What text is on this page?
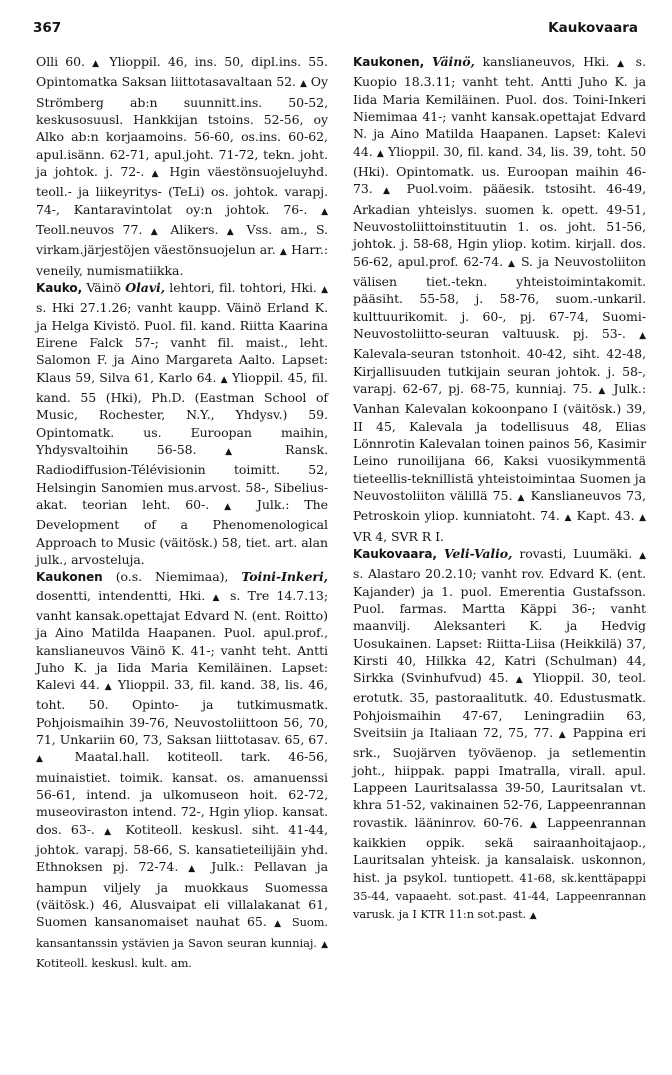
367	Kaukovaara

Olli 60. ▲ Ylioppil. 46, ins. 50, dipl.ins. 55. Opintomatka Saksan liittotasavaltaan 52. ▲ Oy Strömberg ab:n suunnitt.ins. 50-52, keskusosuusl. Hankkijan tstoins. 52-56, oy Alko ab:n korjaamoins. 56-60, os.ins. 60-62, apul.isänn. 62-71, apul.joht. 71-72, tekn. joht. ja johtok. j. 72-. ▲ Hgin väestönsuojeluyhd. teoll.- ja liikeyritys- (TeLi) os. johtok. varapj. 74-, Kantaravintolat oy:n johtok. 76-. ▲ Teoll.neuvos 77. ▲ Alikers. ▲ Vss. am., S. virkam.järjestöjen väestönsuojelun ar. ▲ Harr.: veneily, numismatiikka.

Kauko, Väinö Olavi, lehtori, fil. tohtori, Hki. ▲ s. Hki 27.1.26; vanht kaupp. Väinö Erland K. ja Helga Kivistö. Puol. fil. kand. Riitta Kaarina Eirene Falck 57-; vanht fil. maist., leht. Salomon F. ja Aino Margareta Aalto. Lapset: Klaus 59, Silva 61, Karlo 64. ▲ Ylioppil. 45, fil. kand. 55 (Hki), Ph.D. (Eastman School of Music, Rochester, N.Y., Yhdysv.) 59. Opintomatk. us. Euroopan maihin, Yhdysvaltoihin 56-58. ▲ Ransk. Radiodiffusion-Télévisionin toimitt. 52, Helsingin Sanomien mus.arvost. 58-, Sibelius-akat. teorian leht. 60-. ▲ Julk.: The Development of a Phenomenological Approach to Music (väitösk.) 58, tiet. art. alan julk., arvosteluja.

Kaukonen (o.s. Niemimaa), Toini-Inkeri, dosentti, intendentti, Hki. ▲ s. Tre 14.7.13; vanht kansak.opettajat Edvard N. (ent. Roitto) ja Aino Matilda Haapanen. Puol. apul.prof., kanslianeuvos Väinö K. 41-; vanht teht. Antti Juho K. ja Iida Maria Kemiläinen. Lapset: Kalevi 44. ▲ Ylioppil. 33, fil. kand. 38, lis. 46, toht. 50. Opinto- ja tutkimusmatk. Pohjoismaihin 39-76, Neuvostoliittoon 56, 70, 71, Unkariin 60, 73, Saksan liittotasav. 65, 67. ▲ Maatal.hall. kotiteoll. tark. 46-56, muinaistiet. toimik. kansat. os. amanuenssi 56-61, intend. ja ulkomuseon hoit. 62-72, museoviraston intend. 72-, Hgin yliop. kansat. dos. 63-. ▲ Kotiteoll. keskusl. siht. 41-44, johtok. varapj. 58-66, S. kansatieteilijäin yhd. Ethnoksen pj. 72-74. ▲ Julk.: Pellavan ja hampun viljely ja muokkaus Suomessa (väitösk.) 46, Alusvaipat eli villalakanat 61, Suomen kansanomaiset nauhat 65. ▲ Suom. kansantanssin ystävien ja Savon seuran kunniaj. ▲ Kotiteoll. keskusl. kult. am.

Kaukonen, Väinö, kanslianeuvos, Hki. ▲ s. Kuopio 18.3.11; vanht teht. Antti Juho K. ja Iida Maria Kemiläinen. Puol. dos. Toini-Inkeri Niemimaa 41-; vanht kansak.opettajat Edvard N. ja Aino Matilda Haapanen. Lapset: Kalevi 44. ▲ Ylioppil. 30, fil. kand. 34, lis. 39, toht. 50 (Hki). Opintomatk. us. Euroopan maihin 46-73. ▲ Puol.voim. pääesik. tstosiht. 46-49, Arkadian yhteislys. suomen k. opett. 49-51, Neuvostoliittoinstituutin 1. os. joht. 51-56, johtok. j. 58-68, Hgin yliop. kotim. kirjall. dos. 56-62, apul.prof. 62-74. ▲ S. ja Neuvostoliiton välisen tiet.-tekn. yhteistoimintakomit. pääsiht. 55-58, j. 58-76, suom.-unkaril. kulttuurikomit. j. 60-, pj. 67-74, Suomi-Neuvostoliitto-seuran valtuusk. pj. 53-. ▲ Kalevala-seuran tstonhoit. 40-42, siht. 42-48, Kirjallisuuden tutkijain seuran johtok. j. 58-, varapj. 62-67, pj. 68-75, kunniaj. 75. ▲ Julk.: Vanhan Kalevalan kokoonpano I (väitösk.) 39, II 45, Kalevala ja todellisuus 48, Elias Lönnrotin Kalevalan toinen painos 56, Kasimir Leino runoilijana 66, Kaksi vuosikymmentä tieteellis-teknillistä yhteistoimintaa Suomen ja Neuvostoliiton välillä 75. ▲ Kanslianeuvos 73, Petroskoin yliop. kunniatoht. 74. ▲ Kapt. 43. ▲ VR 4, SVR R I.

Kaukovaara, Veli-Valio, rovasti, Luumäki. ▲ s. Alastaro 20.2.10; vanht rov. Edvard K. (ent. Kajander) ja 1. puol. Emerentia Gustafsson. Puol. farmas. Martta Käppi 36-; vanht maanvilj. Aleksanteri K. ja Hedvig Uosukainen. Lapset: Riitta-Liisa (Heikkilä) 37, Kirsti 40, Hilkka 42, Katri (Schulman) 44, Sirkka (Svinhufvud) 45. ▲ Ylioppil. 30, teol. erotutk. 35, pastoraalitutk. 40. Edustusmatk. Pohjoismaihin 47-67, Leningradiin 63, Sveitsiin ja Italiaan 72, 75, 77. ▲ Pappina eri srk., Suojärven työväenop. ja setlementin joht., hiippak. pappi Imatralla, virall. apul. Lappeen Lauritsalassa 39-50, Lauritsalan vt. khra 51-52, vakinainen 52-76, Lappeenrannan rovastik. lääninrov. 60-76. ▲ Lappeenrannan kaikkien oppik. sekä sairaanhoitajaop., Lauritsalan yhteisk. ja kansalaisk. uskonnon, hist. ja psykol. tuntiopett. 41-68, sk.kenttäpappi 35-44, vapaaeht. sot.past. 41-44, Lappeenrannan varusk. ja I KTR 11:n sot.past. ▲
